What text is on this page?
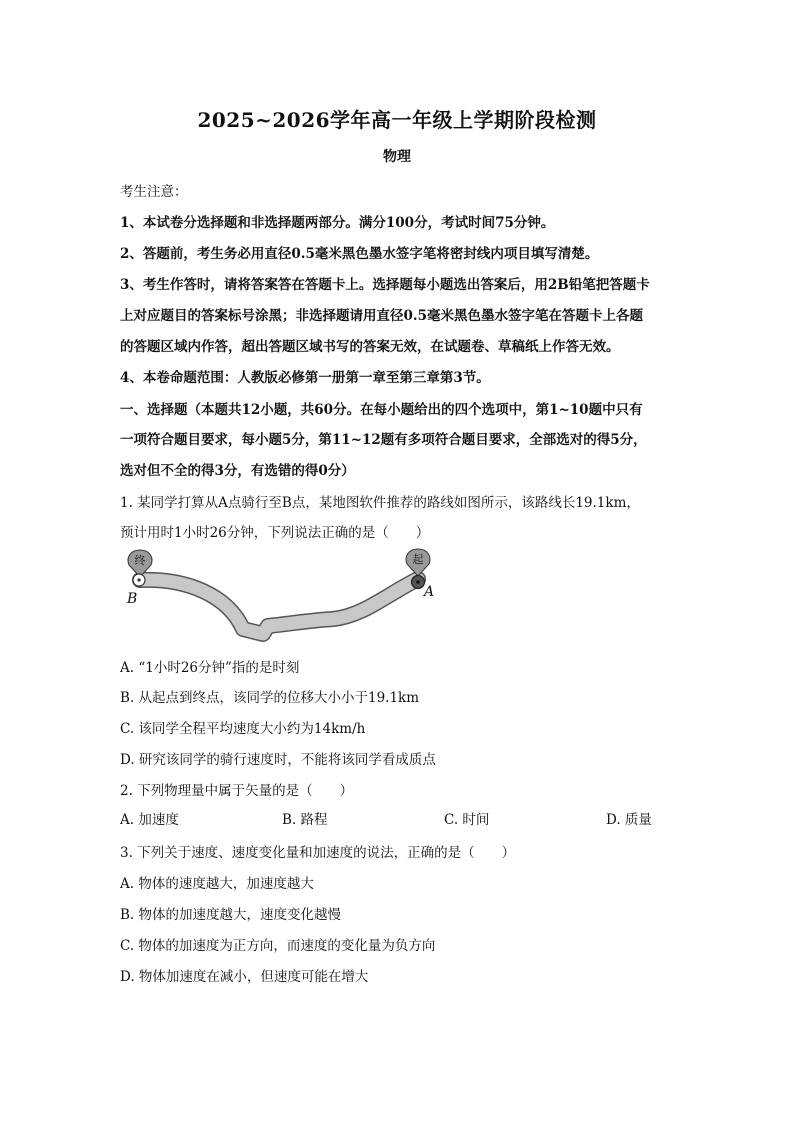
2025~2026学年高一年级上学期阶段检测
物理
考生注意：
1、本试卷分选择题和非选择题两部分。满分100分，考试时间75分钟。
2、答题前，考生务必用直径0.5毫米黑色墨水签字笔将密封线内项目填写清楚。
3、考生作答时，请将答案答在答题卡上。选择题每小题选出答案后，用2B铅笔把答题卡
上对应题目的答案标号涂黑；非选择题请用直径0.5毫米黑色墨水签字笔在答题卡上各题
的答题区域内作答，超出答题区域书写的答案无效，在试题卷、草稿纸上作答无效。
4、本卷命题范围：人教版必修第一册第一章至第三章第3节。
一、选择题（本题共12小题，共60分。在每小题给出的四个选项中，第1~10题中只有
一项符合题目要求，每小题5分，第11~12题有多项符合题目要求，全部选对的得5分，
选对但不全的得3分，有选错的得0分）
1. 某同学打算从A点骑行至B点，某地图软件推荐的路线如图所示，该路线长19.1km，
预计用时1小时26分钟，下列说法正确的是（　　）
终
B
起
A
A. “1小时26分钟”指的是时刻
B. 从起点到终点，该同学的位移大小小于19.1km
C. 该同学全程平均速度大小约为14km/h
D. 研究该同学的骑行速度时，不能将该同学看成质点
2. 下列物理量中属于矢量的是（　　）
A. 加速度	B. 路程	C. 时间	D. 质量
3. 下列关于速度、速度变化量和加速度的说法，正确的是（　　）
A. 物体的速度越大，加速度越大
B. 物体的加速度越大，速度变化越慢
C. 物体的加速度为正方向，而速度的变化量为负方向
D. 物体加速度在减小，但速度可能在增大
